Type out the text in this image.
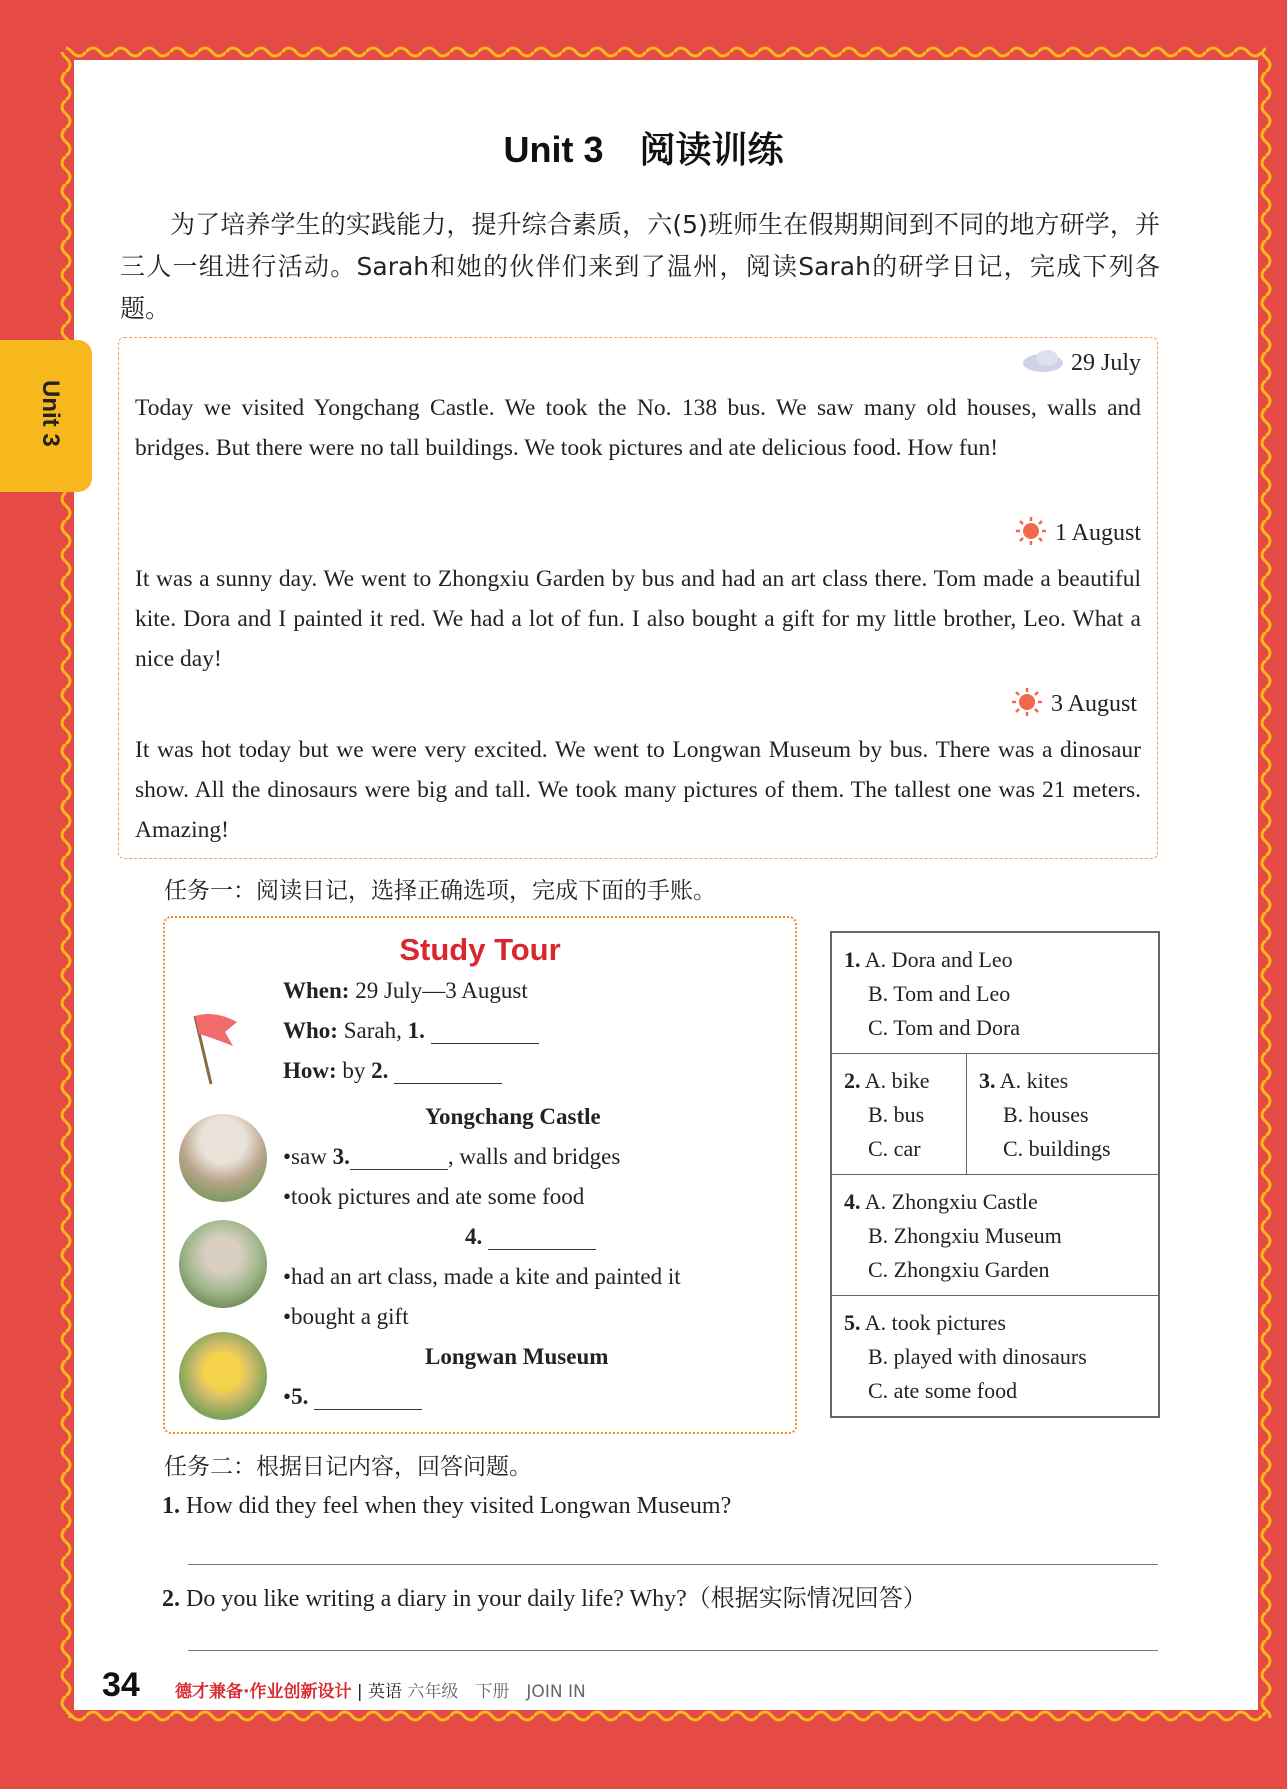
Unit 3
Unit 3　阅读训练

为了培养学生的实践能力，提升综合素质，六(5)班师生在假期期间到不同的地方研学，并三人一组进行活动。Sarah和她的伙伴们来到了温州，阅读Sarah的研学日记，完成下列各题。

29 July
Today we visited Yongchang Castle. We took the No. 138 bus. We saw many old houses, walls and bridges. But there were no tall buildings. We took pictures and ate delicious food. How fun!
1 August
It was a sunny day. We went to Zhongxiu Garden by bus and had an art class there. Tom made a beautiful kite. Dora and I painted it red. We had a lot of fun. I also bought a gift for my little brother, Leo. What a nice day!
3 August
It was hot today but we were very excited. We went to Longwan Museum by bus. There was a dinosaur show. All the dinosaurs were big and tall. We took many pictures of them. The tallest one was 21 meters. Amazing!
任务一：阅读日记，选择正确选项，完成下面的手账。
Study Tour
When: 29 July—3 August
Who: Sarah, 1.
How: by 2.
Yongchang Castle
•saw 3.	, walls and bridges
•took pictures and ate some food
4.
•had an art class, made a kite and painted it
•bought a gift
Longwan Museum
•5.
1. A. Dora and Leo
B. Tom and Leo
C. Tom and Dora
2. A. bike
B. bus
C. car
3. A. kites
B. houses
C. buildings
4. A. Zhongxiu Castle
B. Zhongxiu Museum
C. Zhongxiu Garden
5. A. took pictures
B. played with dinosaurs
C. ate some food
任务二：根据日记内容，回答问题。
1. How did they feel when they visited Longwan Museum?
2. Do you like writing a diary in your daily life? Why?（根据实际情况回答）
34 德才兼备·作业创新设计 | 英语 六年级　下册　JOIN IN
